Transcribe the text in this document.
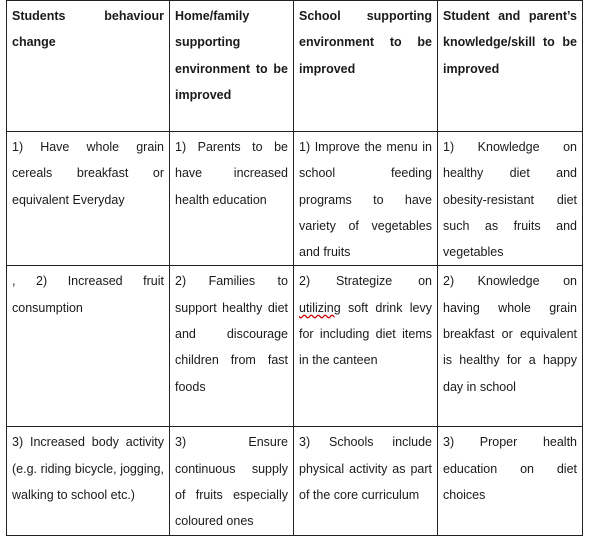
Students behaviour change	Home/family supporting environment to be improved	School supporting environment to be improved	Student and parent’s knowledge/skill to be improved
1) Have whole grain cereals breakfast or equivalent Everyday	1) Parents to be have increased health education	1) Improve the menu in school feeding programs to have variety of vegetables and fruits	1) Knowledge on healthy diet and obesity-resistant diet such as fruits and vegetables
, 2) Increased fruit consumption	2) Families to support healthy diet and discourage children from fast foods	2) Strategize on utilizing soft drink levy for including diet items in the canteen	2) Knowledge on having whole grain breakfast or equivalent is healthy for a happy day in school
3) Increased body activity (e.g. riding bicycle, jogging, walking to school etc.)	3) Ensure continuous supply of fruits especially coloured ones	3) Schools include physical activity as part of the core curriculum	3) Proper health education on diet choices
